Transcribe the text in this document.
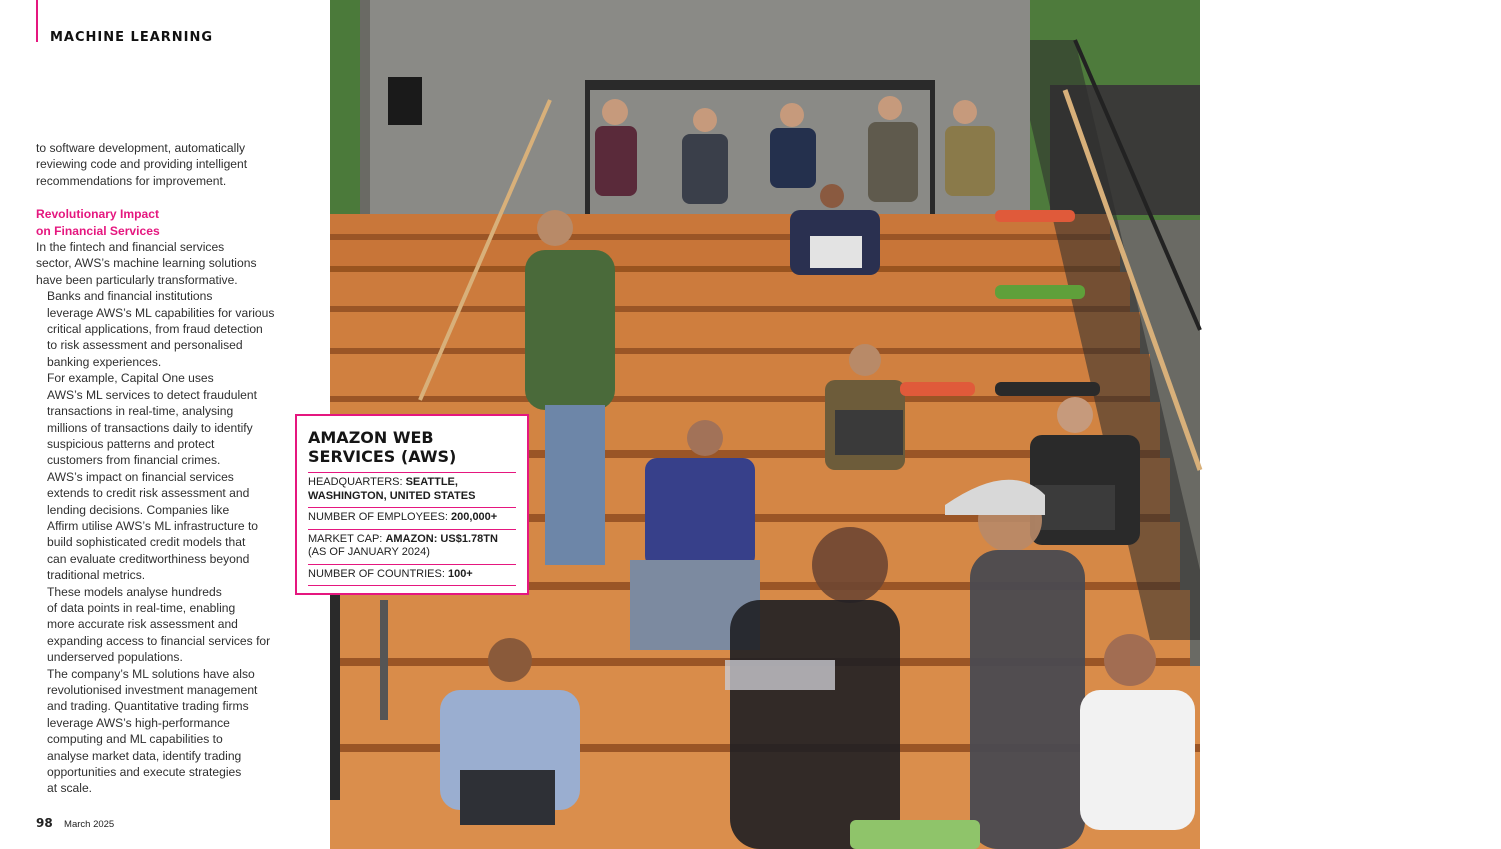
MACHINE LEARNING

to software development, automatically
reviewing code and providing intelligent
recommendations for improvement.

Revolutionary Impact
on Financial Services

In the fintech and financial services
sector, AWS’s machine learning solutions
have been particularly transformative.

Banks and financial institutions
leverage AWS’s ML capabilities for various
critical applications, from fraud detection
to risk assessment and personalised
banking experiences.

For example, Capital One uses
AWS’s ML services to detect fraudulent
transactions in real-time, analysing
millions of transactions daily to identify
suspicious patterns and protect
customers from financial crimes.

AWS’s impact on financial services
extends to credit risk assessment and
lending decisions. Companies like
Affirm utilise AWS’s ML infrastructure to
build sophisticated credit models that
can evaluate creditworthiness beyond
traditional metrics.

These models analyse hundreds
of data points in real-time, enabling
more accurate risk assessment and
expanding access to financial services for
underserved populations.

The company’s ML solutions have also
revolutionised investment management
and trading. Quantitative trading firms
leverage AWS’s high-performance
computing and ML capabilities to
analyse market data, identify trading
opportunities and execute strategies
at scale.

98 March 2025	fintechmagazine.com 99
AMAZON WEB
SERVICES (AWS)
HEADQUARTERS: SEATTLE,
WASHINGTON, UNITED STATES
NUMBER OF EMPLOYEES: 200,000+
MARKET CAP: AMAZON: US$1.78TN
(AS OF JANUARY 2024)
NUMBER OF COUNTRIES: 100+
